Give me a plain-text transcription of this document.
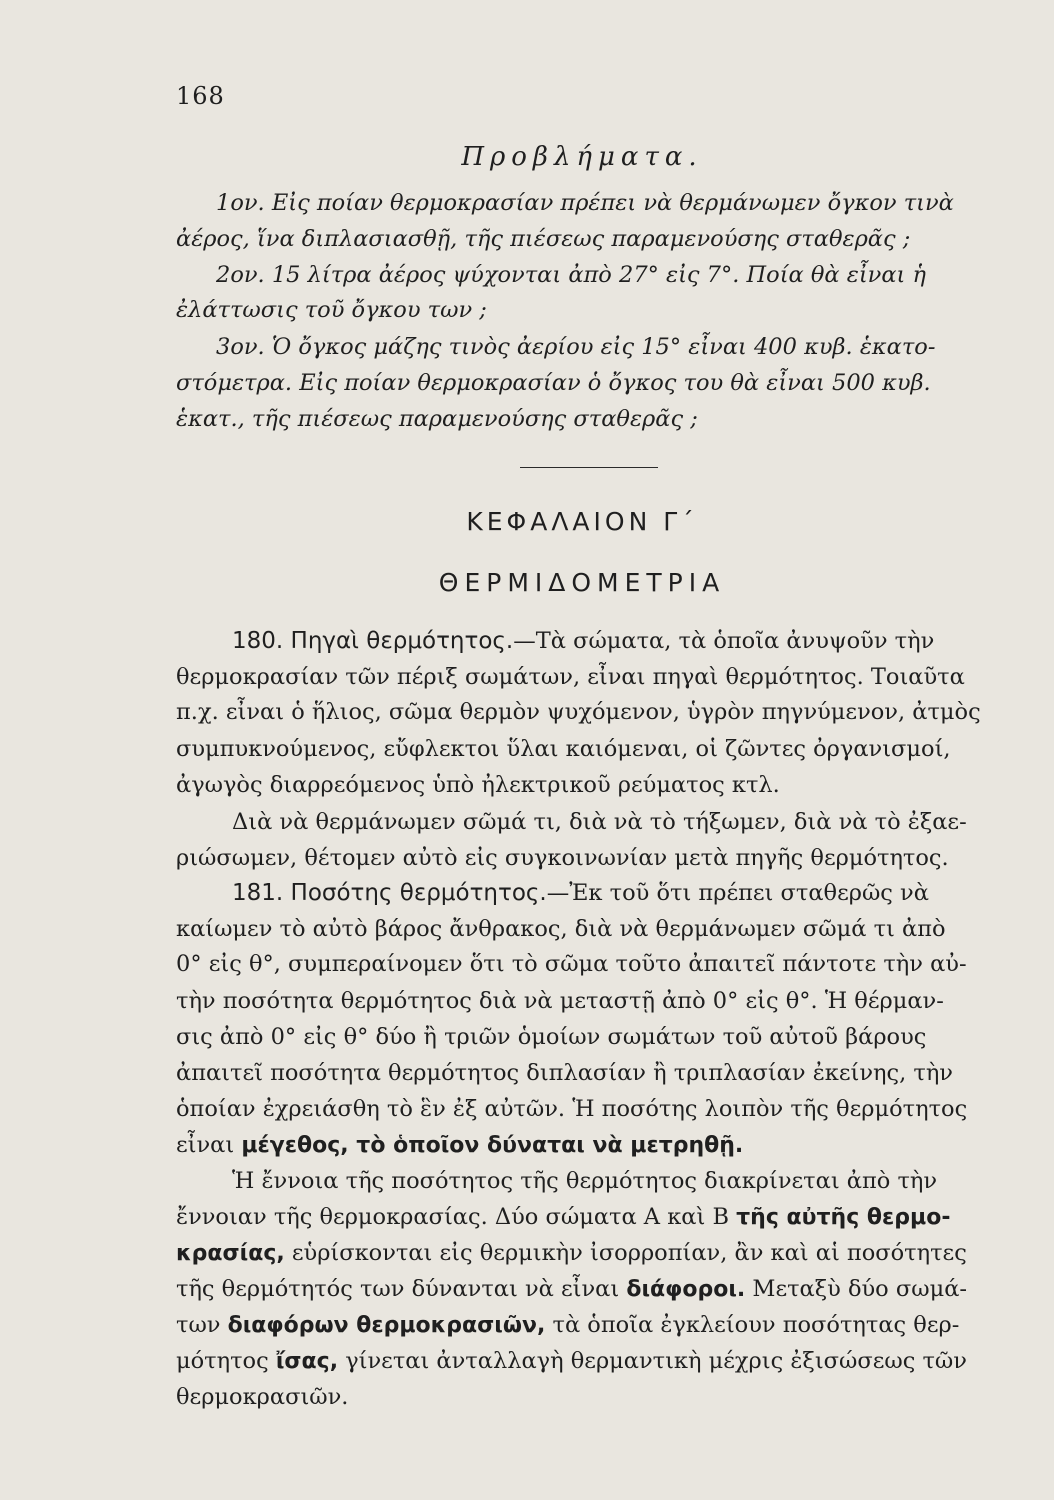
168
Προβλήματα.
1ον. Εἰς ποίαν θερμοκρασίαν πρέπει νὰ θερμάνωμεν ὄγκον τινὰ
ἀέρος, ἵνα διπλασιασθῇ, τῆς πιέσεως παραμενούσης σταθερᾶς ;
2ον. 15 λίτρα ἀέρος ψύχονται ἀπὸ 27° εἰς 7°. Ποία θὰ εἶναι ἡ
ἐλάττωσις τοῦ ὄγκου των ;
3ον. Ὁ ὄγκος μάζης τινὸς ἀερίου εἰς 15° εἶναι 400 κυβ. ἑκατο-
στόμετρα. Εἰς ποίαν θερμοκρασίαν ὁ ὄγκος του θὰ εἶναι 500 κυβ.
ἑκατ., τῆς πιέσεως παραμενούσης σταθερᾶς ;
ΚΕΦΑΛΑΙΟΝ Γ΄
ΘΕΡΜΙΔΟΜΕΤΡΙΑ
180. Πηγαὶ θερμότητος.—Τὰ σώματα, τὰ ὁποῖα ἀνυψοῦν τὴν
θερμοκρασίαν τῶν πέριξ σωμάτων, εἶναι πηγαὶ θερμότητος. Τοιαῦτα
π.χ. εἶναι ὁ ἥλιος, σῶμα θερμὸν ψυχόμενον, ὑγρὸν πηγνύμενον, ἀτμὸς
συμπυκνούμενος, εὔφλεκτοι ὕλαι καιόμεναι, οἱ ζῶντες ὀργανισμοί,
ἀγωγὸς διαρρεόμενος ὑπὸ ἠλεκτρικοῦ ρεύματος κτλ.
Διὰ νὰ θερμάνωμεν σῶμά τι, διὰ νὰ τὸ τήξωμεν, διὰ νὰ τὸ ἐξαε-
ριώσωμεν, θέτομεν αὐτὸ εἰς συγκοινωνίαν μετὰ πηγῆς θερμότητος.
181. Ποσότης θερμότητος.—Ἐκ τοῦ ὅτι πρέπει σταθερῶς νὰ
καίωμεν τὸ αὐτὸ βάρος ἄνθρακος, διὰ νὰ θερμάνωμεν σῶμά τι ἀπὸ
0° εἰς θ°, συμπεραίνομεν ὅτι τὸ σῶμα τοῦτο ἀπαιτεῖ πάντοτε τὴν αὐ-
τὴν ποσότητα θερμότητος διὰ νὰ μεταστῇ ἀπὸ 0° εἰς θ°. Ἡ θέρμαν-
σις ἀπὸ 0° εἰς θ° δύο ἢ τριῶν ὁμοίων σωμάτων τοῦ αὐτοῦ βάρους
ἀπαιτεῖ ποσότητα θερμότητος διπλασίαν ἢ τριπλασίαν ἐκείνης, τὴν
ὁποίαν ἐχρειάσθη τὸ ἓν ἐξ αὐτῶν. Ἡ ποσότης λοιπὸν τῆς θερμότητος
εἶναι μέγεθος, τὸ ὁποῖον δύναται νὰ μετρηθῇ.
Ἡ ἔννοια τῆς ποσότητος τῆς θερμότητος διακρίνεται ἀπὸ τὴν
ἔννοιαν τῆς θερμοκρασίας. Δύο σώματα Α καὶ Β τῆς αὐτῆς θερμο-
κρασίας, εὑρίσκονται εἰς θερμικὴν ἰσορροπίαν, ἂν καὶ αἱ ποσότητες
τῆς θερμότητός των δύνανται νὰ εἶναι διάφοροι. Μεταξὺ δύο σωμά-
των διαφόρων θερμοκρασιῶν, τὰ ὁποῖα ἐγκλείουν ποσότητας θερ-
μότητος ἴσας, γίνεται ἀνταλλαγὴ θερμαντικὴ μέχρις ἐξισώσεως τῶν
θερμοκρασιῶν.
